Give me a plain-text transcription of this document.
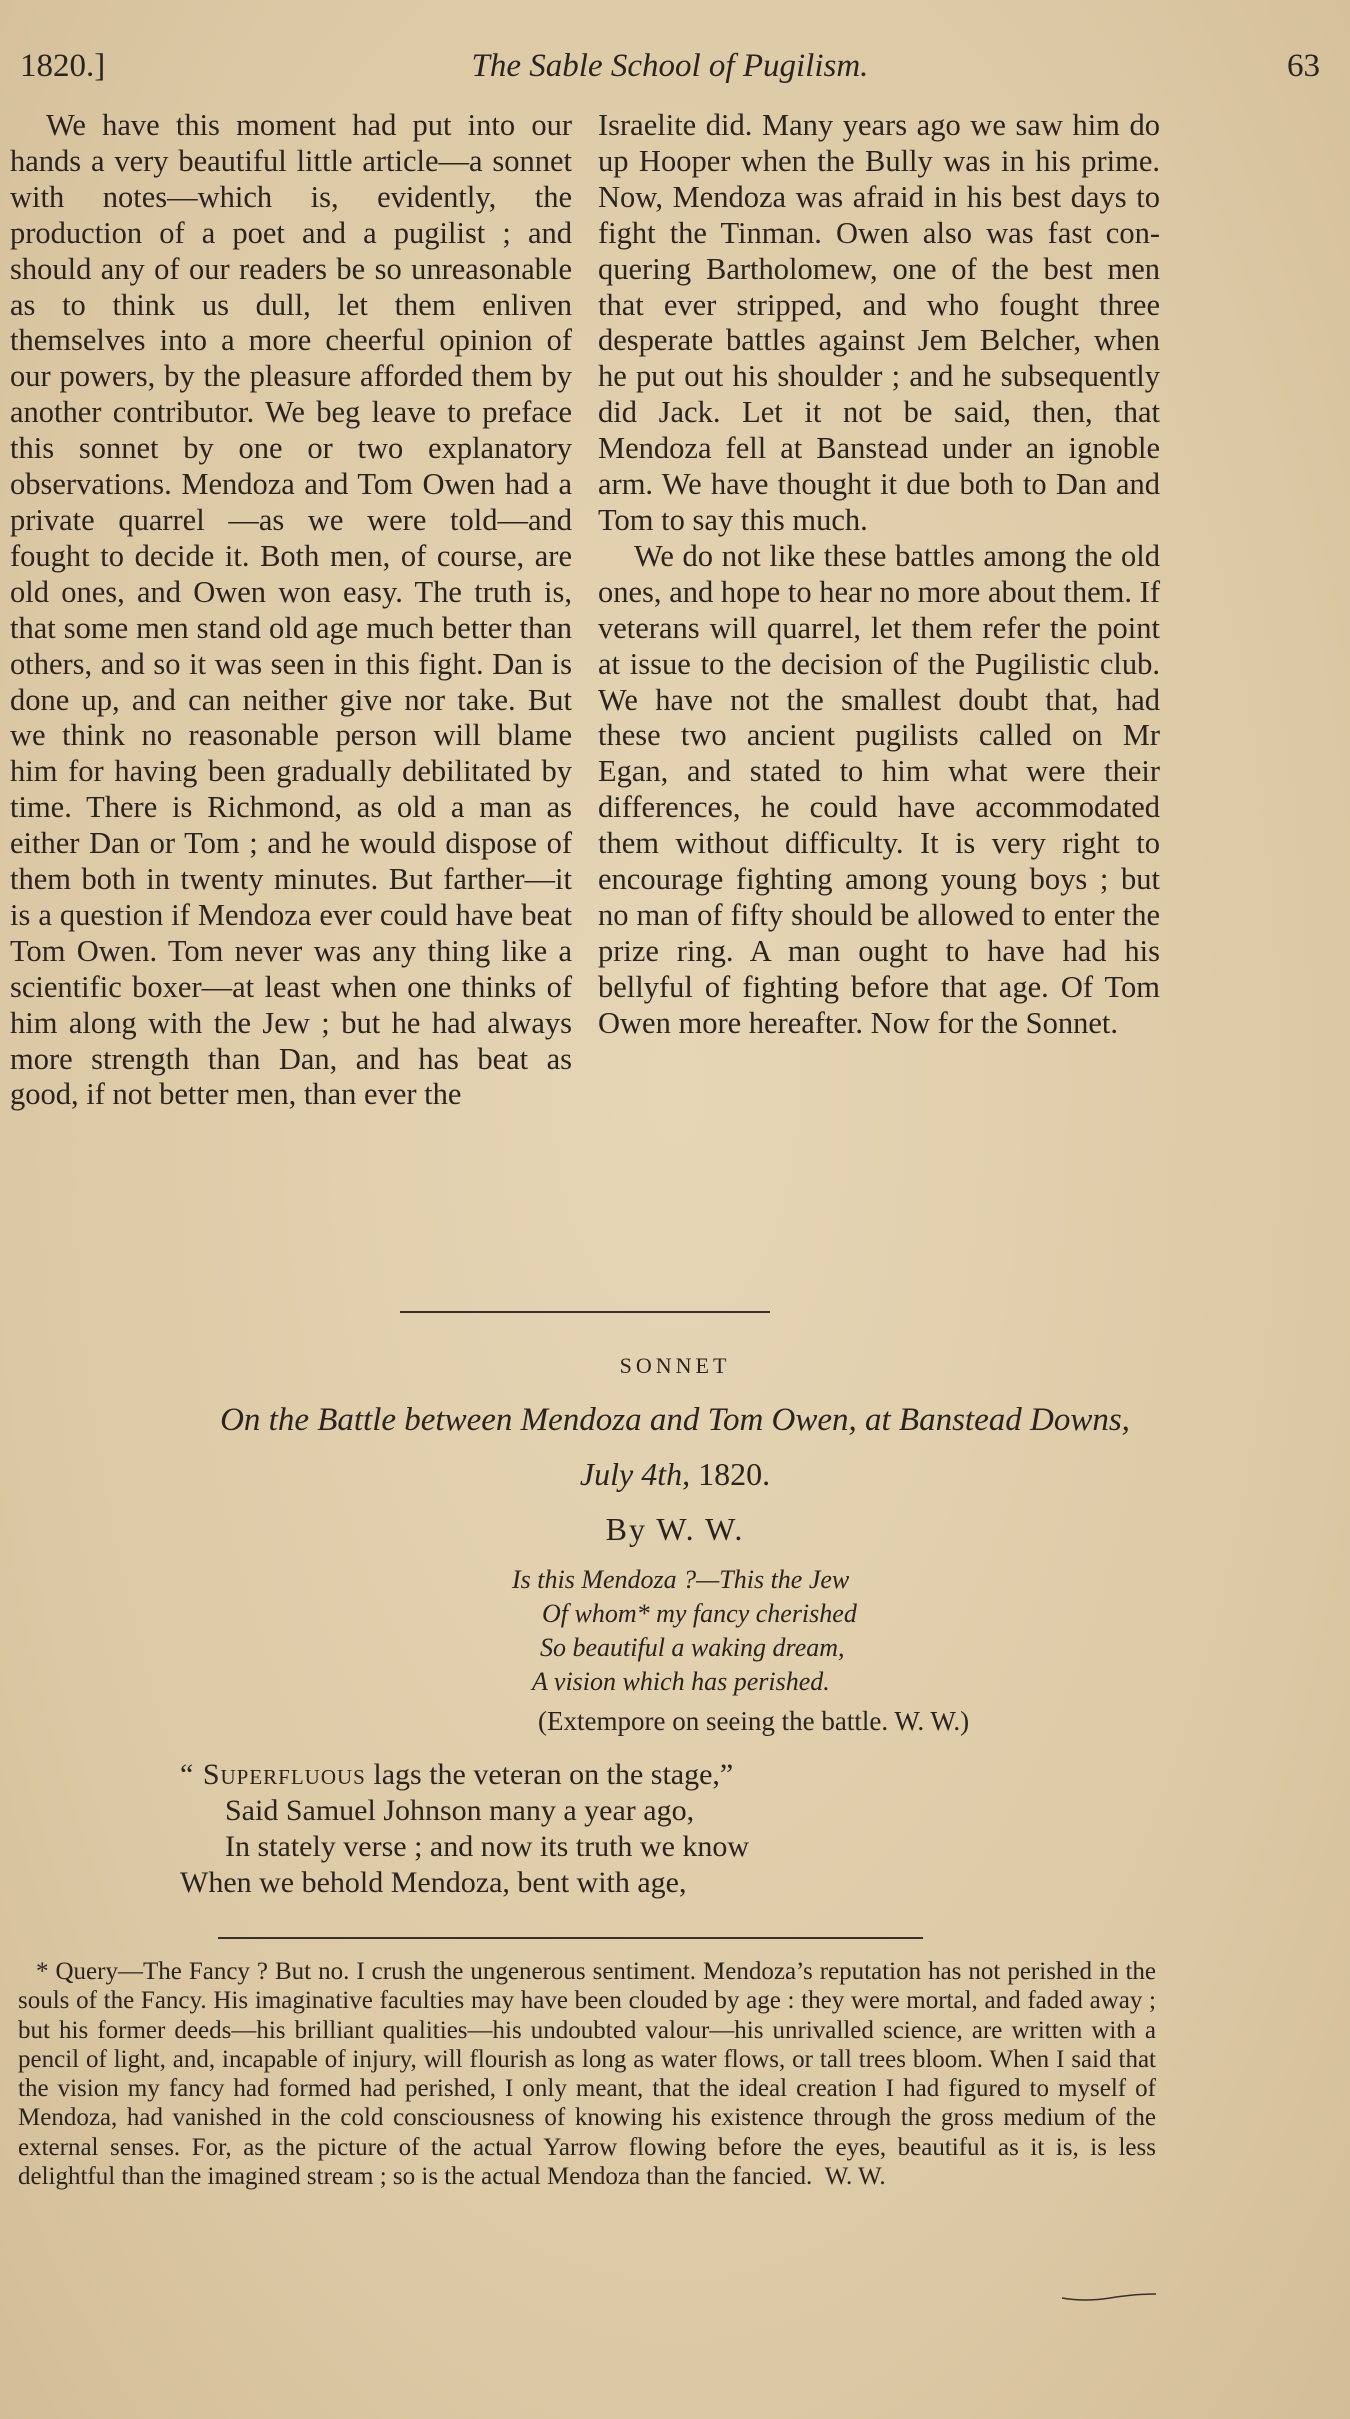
1820.]	The Sable School of Pugilism.	63

We have this moment had put into our hands a very beautiful little article—a sonnet with notes—which is, evidently, the production of a poet and a pugilist ; and should any of our readers be so unreasonable as to think us dull, let them enliven themselves into a more cheerful opinion of our powers, by the pleasure afforded them by another contributor. We beg leave to preface this sonnet by one or two explanatory observations. Mendoza and Tom Owen had a private quarrel —as we were told—and fought to decide it. Both men, of course, are old ones, and Owen won easy. The truth is, that some men stand old age much better than others, and so it was seen in this fight. Dan is done up, and can neither give nor take. But we think no reasonable person will blame him for having been gradually debilitated by time. There is Richmond, as old a man as either Dan or Tom ; and he would dispose of them both in twenty minutes. But farther—it is a question if Mendoza ever could have beat Tom Owen. Tom never was any thing like a scientific boxer—at least when one thinks of him along with the Jew ; but he had always more strength than Dan, and has beat as good, if not better men, than ever the

Israelite did. Many years ago we saw him do up Hooper when the Bully was in his prime. Now, Mendoza was afraid in his best days to fight the Tinman. Owen also was fast conquering Bartholomew, one of the best men that ever stripped, and who fought three desperate battles against Jem Belcher, when he put out his shoulder ; and he subsequently did Jack. Let it not be said, then, that Mendoza fell at Banstead under an ignoble arm. We have thought it due both to Dan and Tom to say this much.

We do not like these battles among the old ones, and hope to hear no more about them. If veterans will quarrel, let them refer the point at issue to the decision of the Pugilistic club. We have not the smallest doubt that, had these two ancient pugilists called on Mr Egan, and stated to him what were their differences, he could have accommodated them without difficulty. It is very right to encourage fighting among young boys ; but no man of fifty should be allowed to enter the prize ring. A man ought to have had his bellyful of fighting before that age. Of Tom Owen more hereafter. Now for the Sonnet.

SONNET
On the Battle between Mendoza and Tom Owen, at Banstead Downs,
July 4th, 1820.
By W. W.
Is this Mendoza ?—This the Jew
Of whom* my fancy cherished
So beautiful a waking dream,
A vision which has perished.
(Extempore on seeing the battle. W. W.)
“ Superfluous lags the veteran on the stage,”
Said Samuel Johnson many a year ago,
In stately verse ; and now its truth we know
When we behold Mendoza, bent with age,

* Query—The Fancy ? But no. I crush the ungenerous sentiment. Mendoza’s reputation has not perished in the souls of the Fancy. His imaginative faculties may have been clouded by age : they were mortal, and faded away ; but his former deeds—his brilliant qualities—his undoubted valour—his unrivalled science, are written with a pencil of light, and, incapable of injury, will flourish as long as water flows, or tall trees bloom. When I said that the vision my fancy had formed had perished, I only meant, that the ideal creation I had figured to myself of Mendoza, had vanished in the cold consciousness of knowing his existence through the gross medium of the external senses. For, as the picture of the actual Yarrow flowing before the eyes, beautiful as it is, is less delightful than the imagined stream ; so is the actual Mendoza than the fancied. W. W.
